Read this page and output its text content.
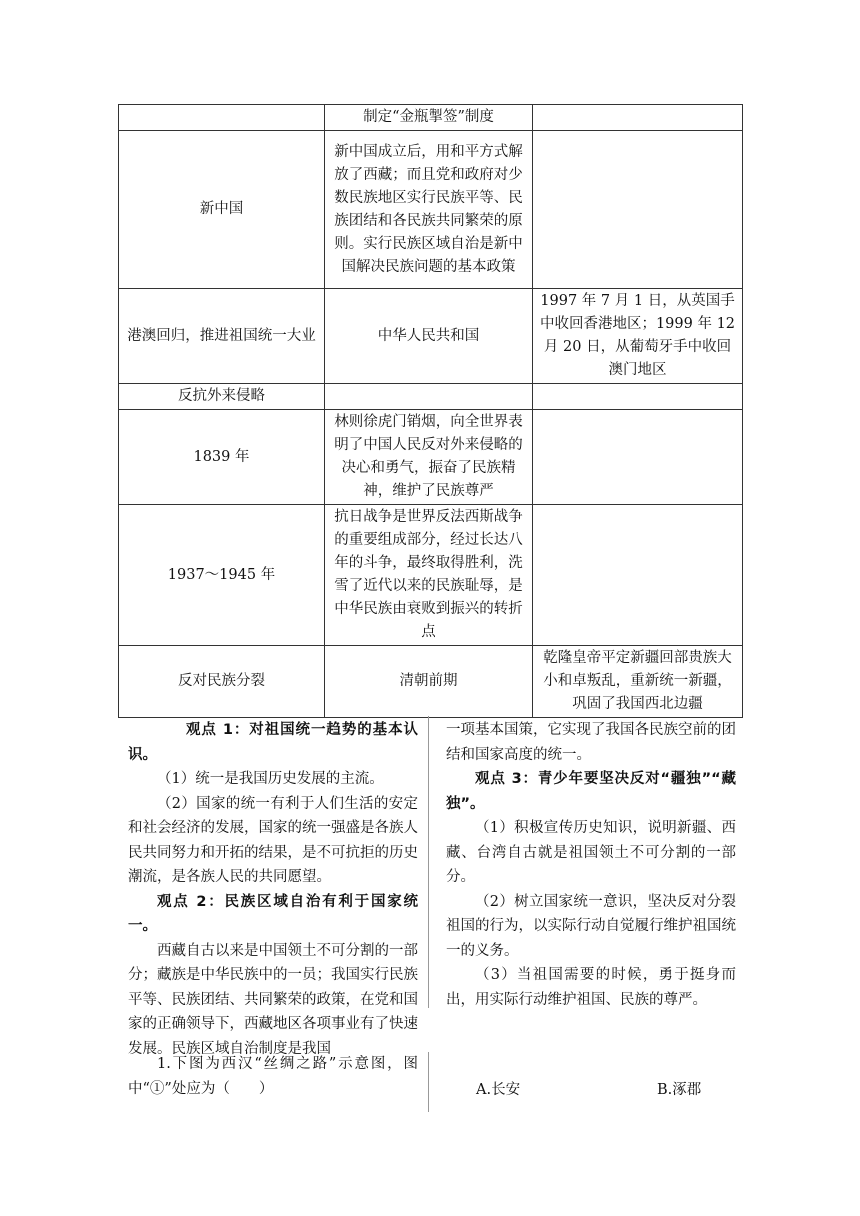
	制定“金瓶掣签”制度	
新中国	新中国成立后，用和平方式解放了西藏；而且党和政府对少数民族地区实行民族平等、民族团结和各民族共同繁荣的原则。实行民族区域自治是新中国解决民族问题的基本政策	
港澳回归，推进祖国统一大业	中华人民共和国	1997 年 7 月 1 日，从英国手中收回香港地区；1999 年 12 月 20 日，从葡萄牙手中收回澳门地区
反抗外来侵略		
1839 年	林则徐虎门销烟，向全世界表明了中国人民反对外来侵略的决心和勇气，振奋了民族精神，维护了民族尊严	
1937～1945 年	抗日战争是世界反法西斯战争的重要组成部分，经过长达八年的斗争，最终取得胜利，洗雪了近代以来的民族耻辱，是中华民族由衰败到振兴的转折点	
反对民族分裂	清朝前期	乾隆皇帝平定新疆回部贵族大小和卓叛乱，重新统一新疆，巩固了我国西北边疆

观点 1：对祖国统一趋势的基本认识。

（1）统一是我国历史发展的主流。

（2）国家的统一有利于人们生活的安定和社会经济的发展，国家的统一强盛是各族人民共同努力和开拓的结果，是不可抗拒的历史潮流，是各族人民的共同愿望。

观点 2：民族区域自治有利于国家统一。

西藏自古以来是中国领土不可分割的一部分；藏族是中华民族中的一员；我国实行民族平等、民族团结、共同繁荣的政策，在党和国家的正确领导下，西藏地区各项事业有了快速发展。民族区域自治制度是我国

一项基本国策，它实现了我国各民族空前的团结和国家高度的统一。

观点 3：青少年要坚决反对“疆独”“藏独”。

（1）积极宣传历史知识，说明新疆、西藏、台湾自古就是祖国领土不可分割的一部分。

（2）树立国家统一意识，坚决反对分裂祖国的行为，以实际行动自觉履行维护祖国统一的义务。

（3）当祖国需要的时候，勇于挺身而出，用实际行动维护祖国、民族的尊严。

1.下图为西汉“丝绸之路”示意图，图中“①”处应为（　　）	A.长安	B.涿郡
